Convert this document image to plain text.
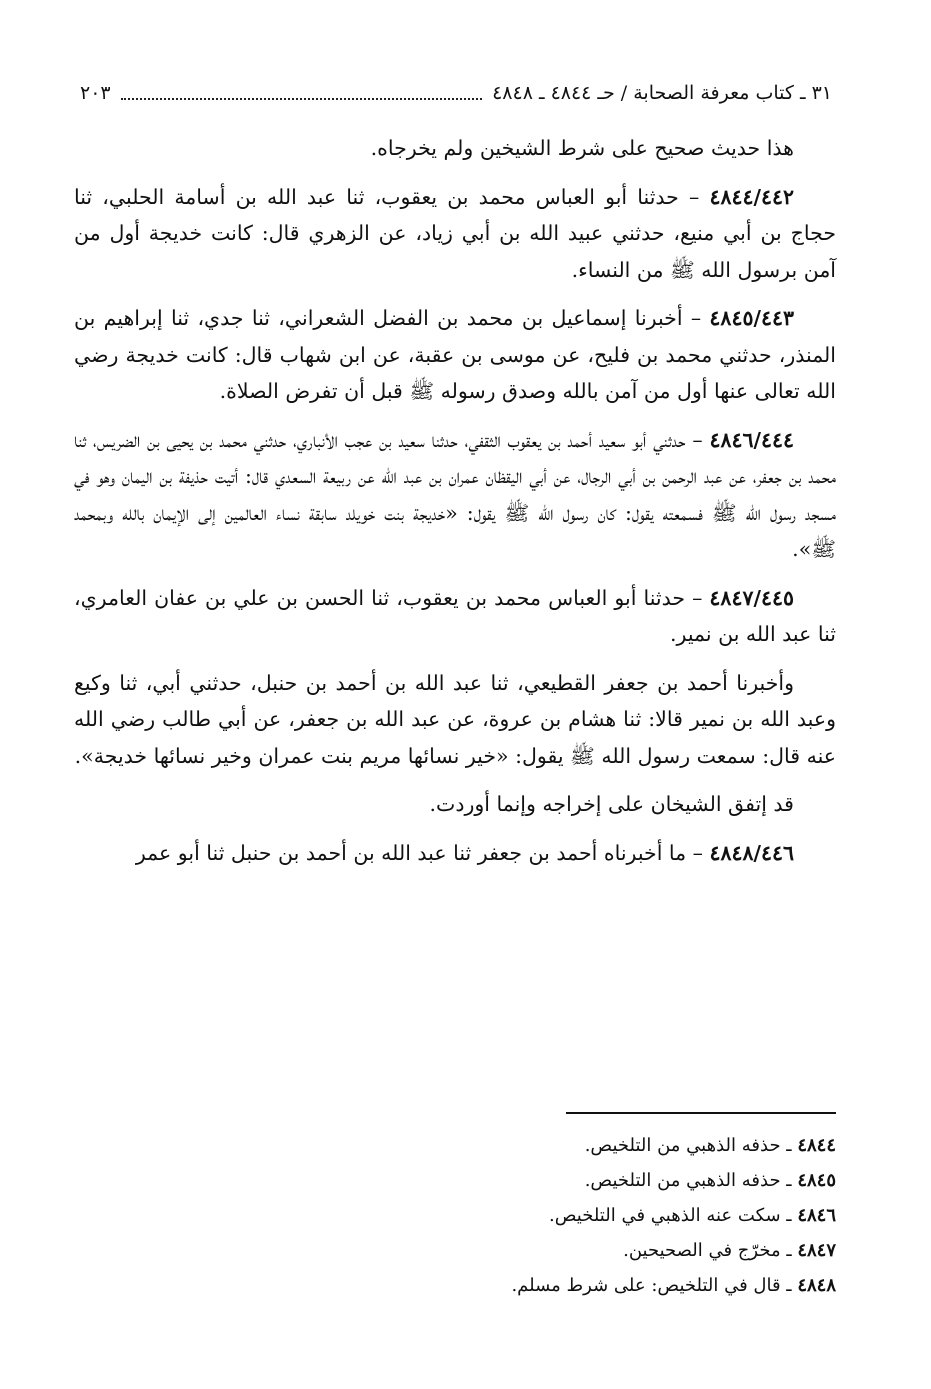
٣١ ـ كتاب معرفة الصحابة / حـ ٤٨٤٤ ـ ٤٨٤٨
٢٠٣

هذا حديث صحيح على شرط الشيخين ولم يخرجاه.

٤٨٤٤/٤٤٢ – حدثنا أبو العباس محمد بن يعقوب، ثنا عبد الله بن أسامة الحلبي، ثنا حجاج بن أبي منيع، حدثني عبيد الله بن أبي زياد، عن الزهري قال: كانت خديجة أول من آمن برسول الله ﷺ من النساء.

٤٨٤٥/٤٤٣ – أخبرنا إسماعيل بن محمد بن الفضل الشعراني، ثنا جدي، ثنا إبراهيم بن المنذر، حدثني محمد بن فليح، عن موسى بن عقبة، عن ابن شهاب قال: كانت خديجة رضي الله تعالى عنها أول من آمن بالله وصدق رسوله ﷺ قبل أن تفرض الصلاة.

٤٨٤٦/٤٤٤ – حدثني أبو سعيد أحمد بن يعقوب الثقفي، حدثنا سعيد بن عجب الأنباري، حدثني محمد بن يحيى بن الضريس، ثنا محمد بن جعفر، عن عبد الرحمن بن أبي الرجال، عن أبي اليقظان عمران بن عبد الله عن ربيعة السعدي قال: أتيت حذيفة بن اليمان وهو في مسجد رسول الله ﷺ فسمعته يقول: كان رسول الله ﷺ يقول: «خديجة بنت خويلد سابقة نساء العالمين إلى الإيمان بالله وبمحمد ﷺ».

٤٨٤٧/٤٤٥ – حدثنا أبو العباس محمد بن يعقوب، ثنا الحسن بن علي بن عفان العامري، ثنا عبد الله بن نمير.

وأخبرنا أحمد بن جعفر القطيعي، ثنا عبد الله بن أحمد بن حنبل، حدثني أبي، ثنا وكيع وعبد الله بن نمير قالا: ثنا هشام بن عروة، عن عبد الله بن جعفر، عن أبي طالب رضي الله عنه قال: سمعت رسول الله ﷺ يقول: «خير نسائها مريم بنت عمران وخير نسائها خديجة».

قد إتفق الشيخان على إخراجه وإنما أوردت.

٤٨٤٨/٤٤٦ – ما أخبرناه أحمد بن جعفر ثنا عبد الله بن أحمد بن حنبل ثنا أبو عمر

٤٨٤٤ ـ حذفه الذهبي من التلخيص.
٤٨٤٥ ـ حذفه الذهبي من التلخيص.
٤٨٤٦ ـ سكت عنه الذهبي في التلخيص.
٤٨٤٧ ـ مخرّج في الصحيحين.
٤٨٤٨ ـ قال في التلخيص: على شرط مسلم.
